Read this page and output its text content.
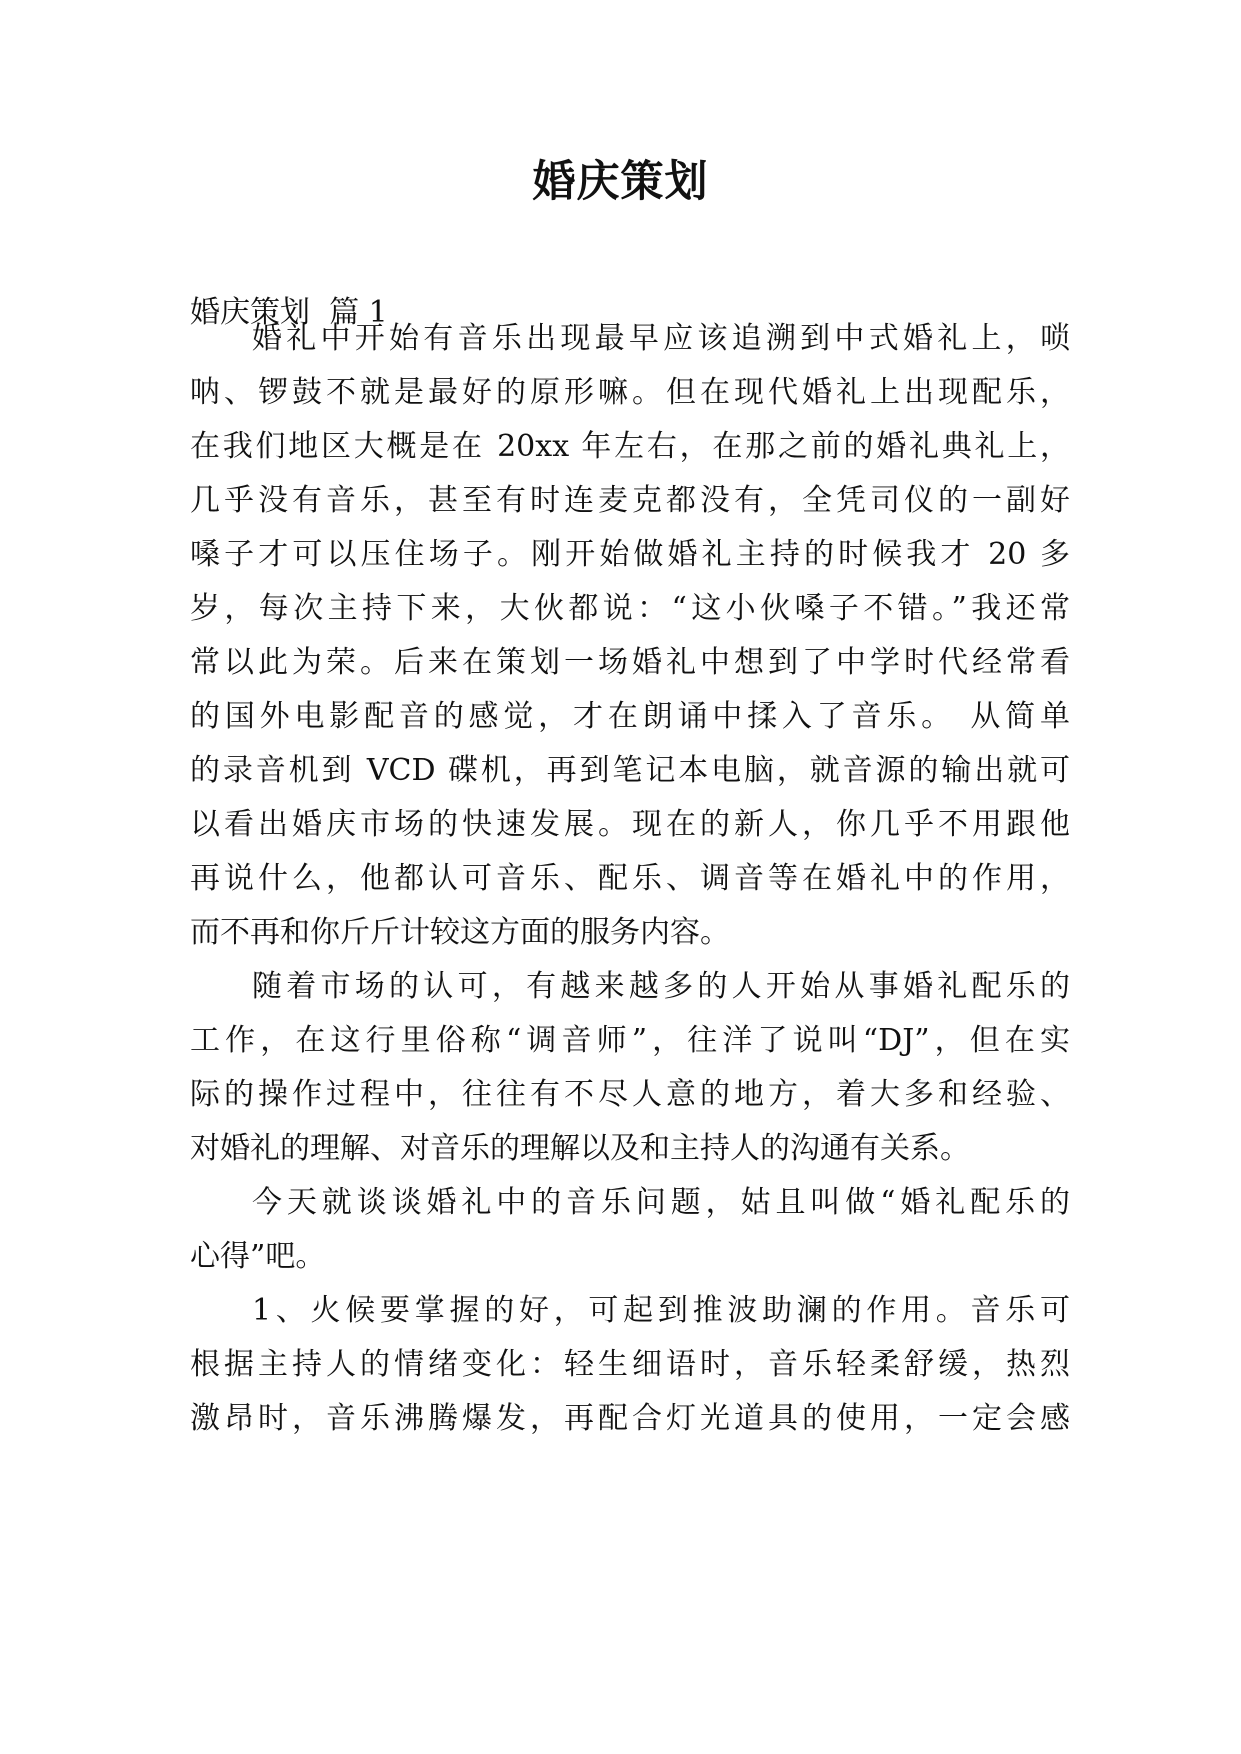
婚庆策划
婚庆策划  篇 1
婚礼中开始有音乐出现最早应该追溯到中式婚礼上，唢
呐、锣鼓不就是最好的原形嘛。但在现代婚礼上出现配乐，
在我们地区大概是在 20xx 年左右，在那之前的婚礼典礼上，
几乎没有音乐，甚至有时连麦克都没有，全凭司仪的一副好
嗓子才可以压住场子。刚开始做婚礼主持的时候我才 20 多
岁，每次主持下来，大伙都说：“这小伙嗓子不错。”我还常
常以此为荣。后来在策划一场婚礼中想到了中学时代经常看
的国外电影配音的感觉，才在朗诵中揉入了音乐。 从简单
的录音机到 VCD 碟机，再到笔记本电脑，就音源的输出就可
以看出婚庆市场的快速发展。现在的新人，你几乎不用跟他
再说什么，他都认可音乐、配乐、调音等在婚礼中的作用，
而不再和你斤斤计较这方面的服务内容。
随着市场的认可，有越来越多的人开始从事婚礼配乐的
工作，在这行里俗称“调音师”，往洋了说叫“DJ”，但在实
际的操作过程中，往往有不尽人意的地方，着大多和经验、
对婚礼的理解、对音乐的理解以及和主持人的沟通有关系。
今天就谈谈婚礼中的音乐问题，姑且叫做“婚礼配乐的
心得”吧。
1、火候要掌握的好，可起到推波助澜的作用。音乐可
根据主持人的情绪变化：轻生细语时，音乐轻柔舒缓，热烈
激昂时，音乐沸腾爆发，再配合灯光道具的使用，一定会感
